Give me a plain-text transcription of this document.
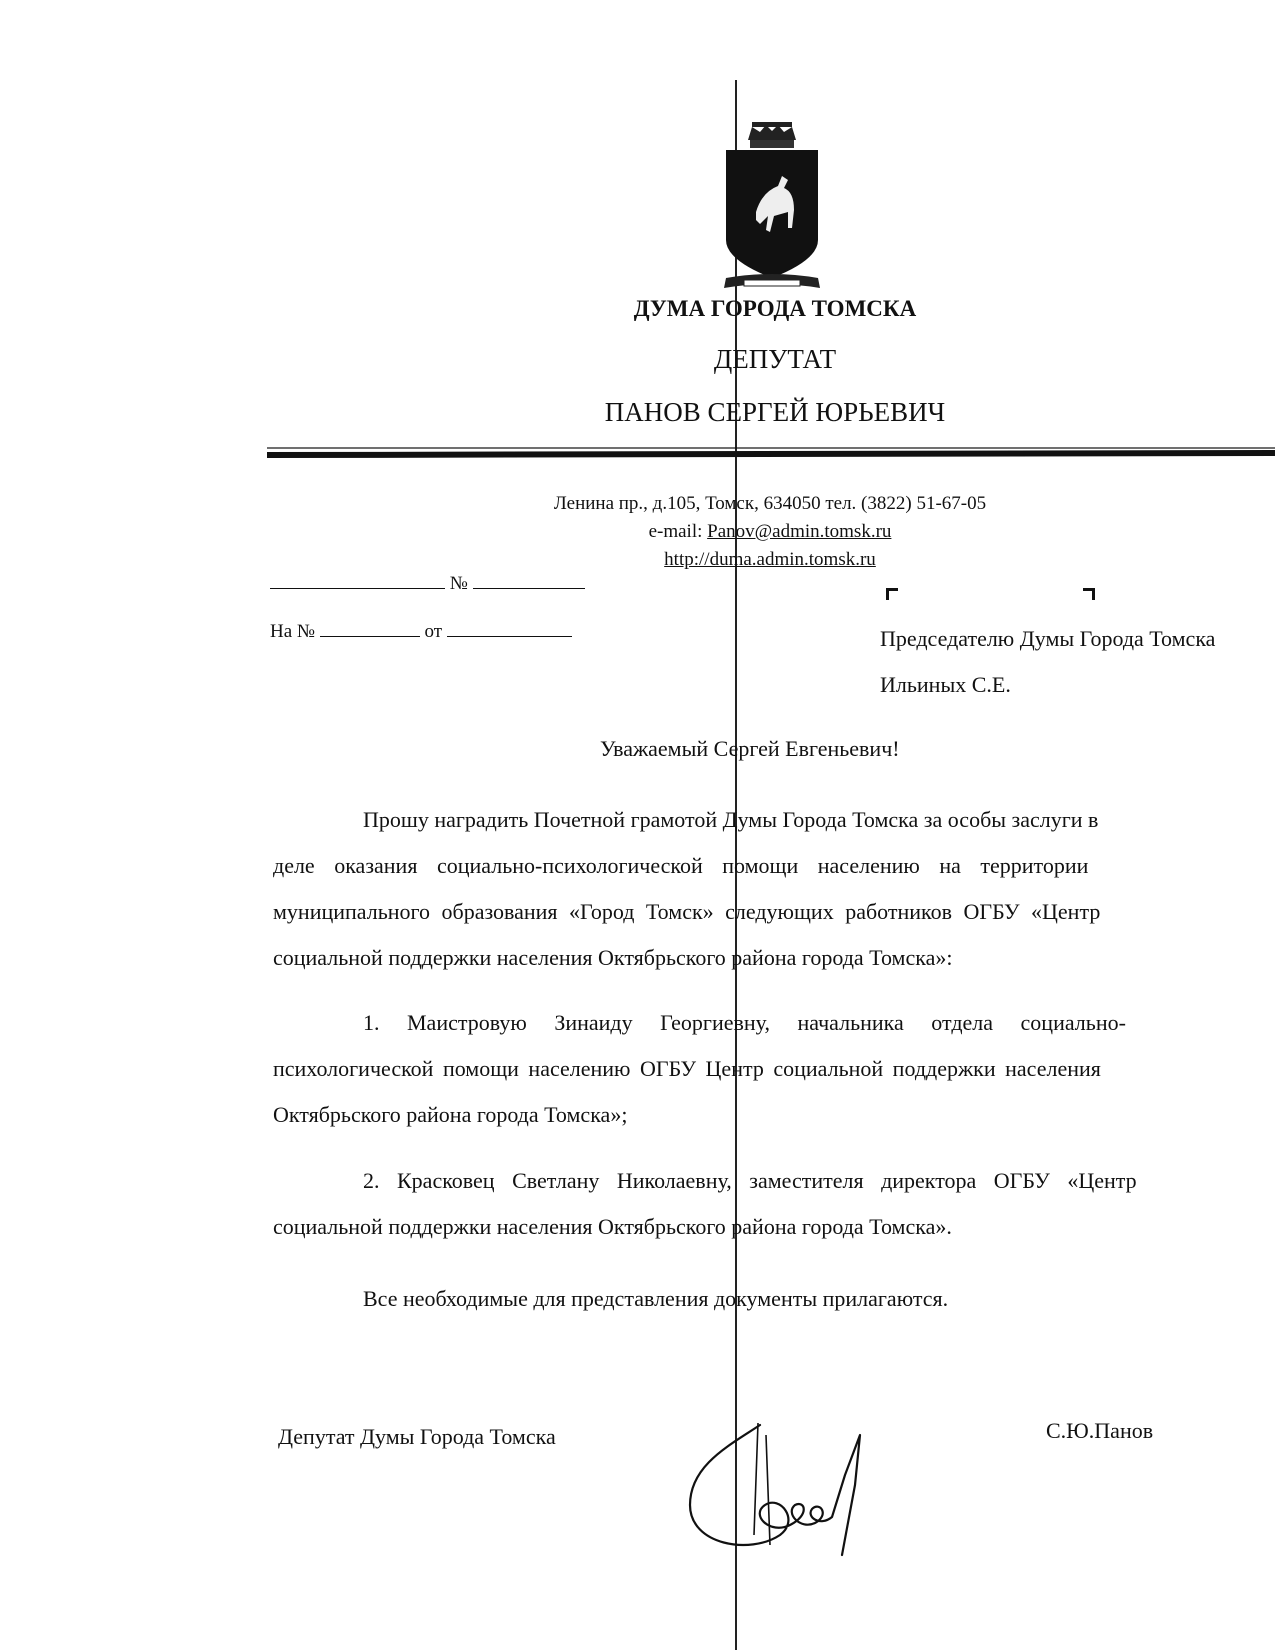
ДУМА ГОРОДА ТОМСКА
ДЕПУТАТ
ПАНОВ СЕРГЕЙ ЮРЬЕВИЧ
Ленина пр., д.105, Томск, 634050 тел. (3822) 51-67-05
e-mail: Panov@admin.tomsk.ru
http://duma.admin.tomsk.ru
№
На №	от	Председателю Думы Города Томска
Ильиных С.Е.
Уважаемый Сергей Евгеньевич!
Прошу наградить Почетной грамотой Думы Города Томска за особы заслуги в
деле оказания социально-психологической помощи населению на территории
муниципального образования «Город Томск» следующих работников ОГБУ «Центр
социальной поддержки населения Октябрьского района города Томска»:
1. Маистровую Зинаиду Георгиевну, начальника отдела социально-
психологической помощи населению ОГБУ Центр социальной поддержки населения
Октябрьского района города Томска»;
2. Красковец Светлану Николаевну, заместителя директора ОГБУ «Центр
социальной поддержки населения Октябрьского района города Томска».
Все необходимые для представления документы прилагаются.
Депутат Думы Города Томска	С.Ю.Панов
